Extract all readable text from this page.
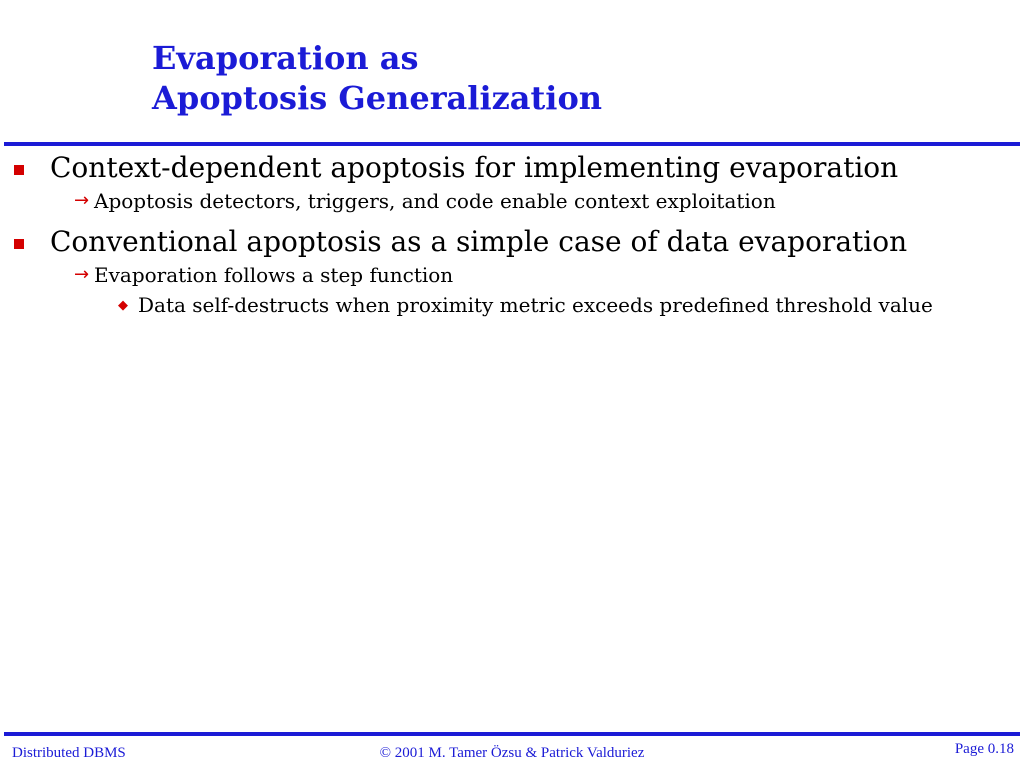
Evaporation as
Apoptosis Generalization
Context-dependent apoptosis for implementing evaporation
→ Apoptosis detectors, triggers, and code enable context exploitation
Conventional apoptosis as a simple case of data evaporation
→ Evaporation follows a step function
◆ Data self-destructs when proximity metric exceeds predefined threshold value
© 2001 M. Tamer Özsu & Patrick Valduriez
Distributed DBMS	Page 0.18
